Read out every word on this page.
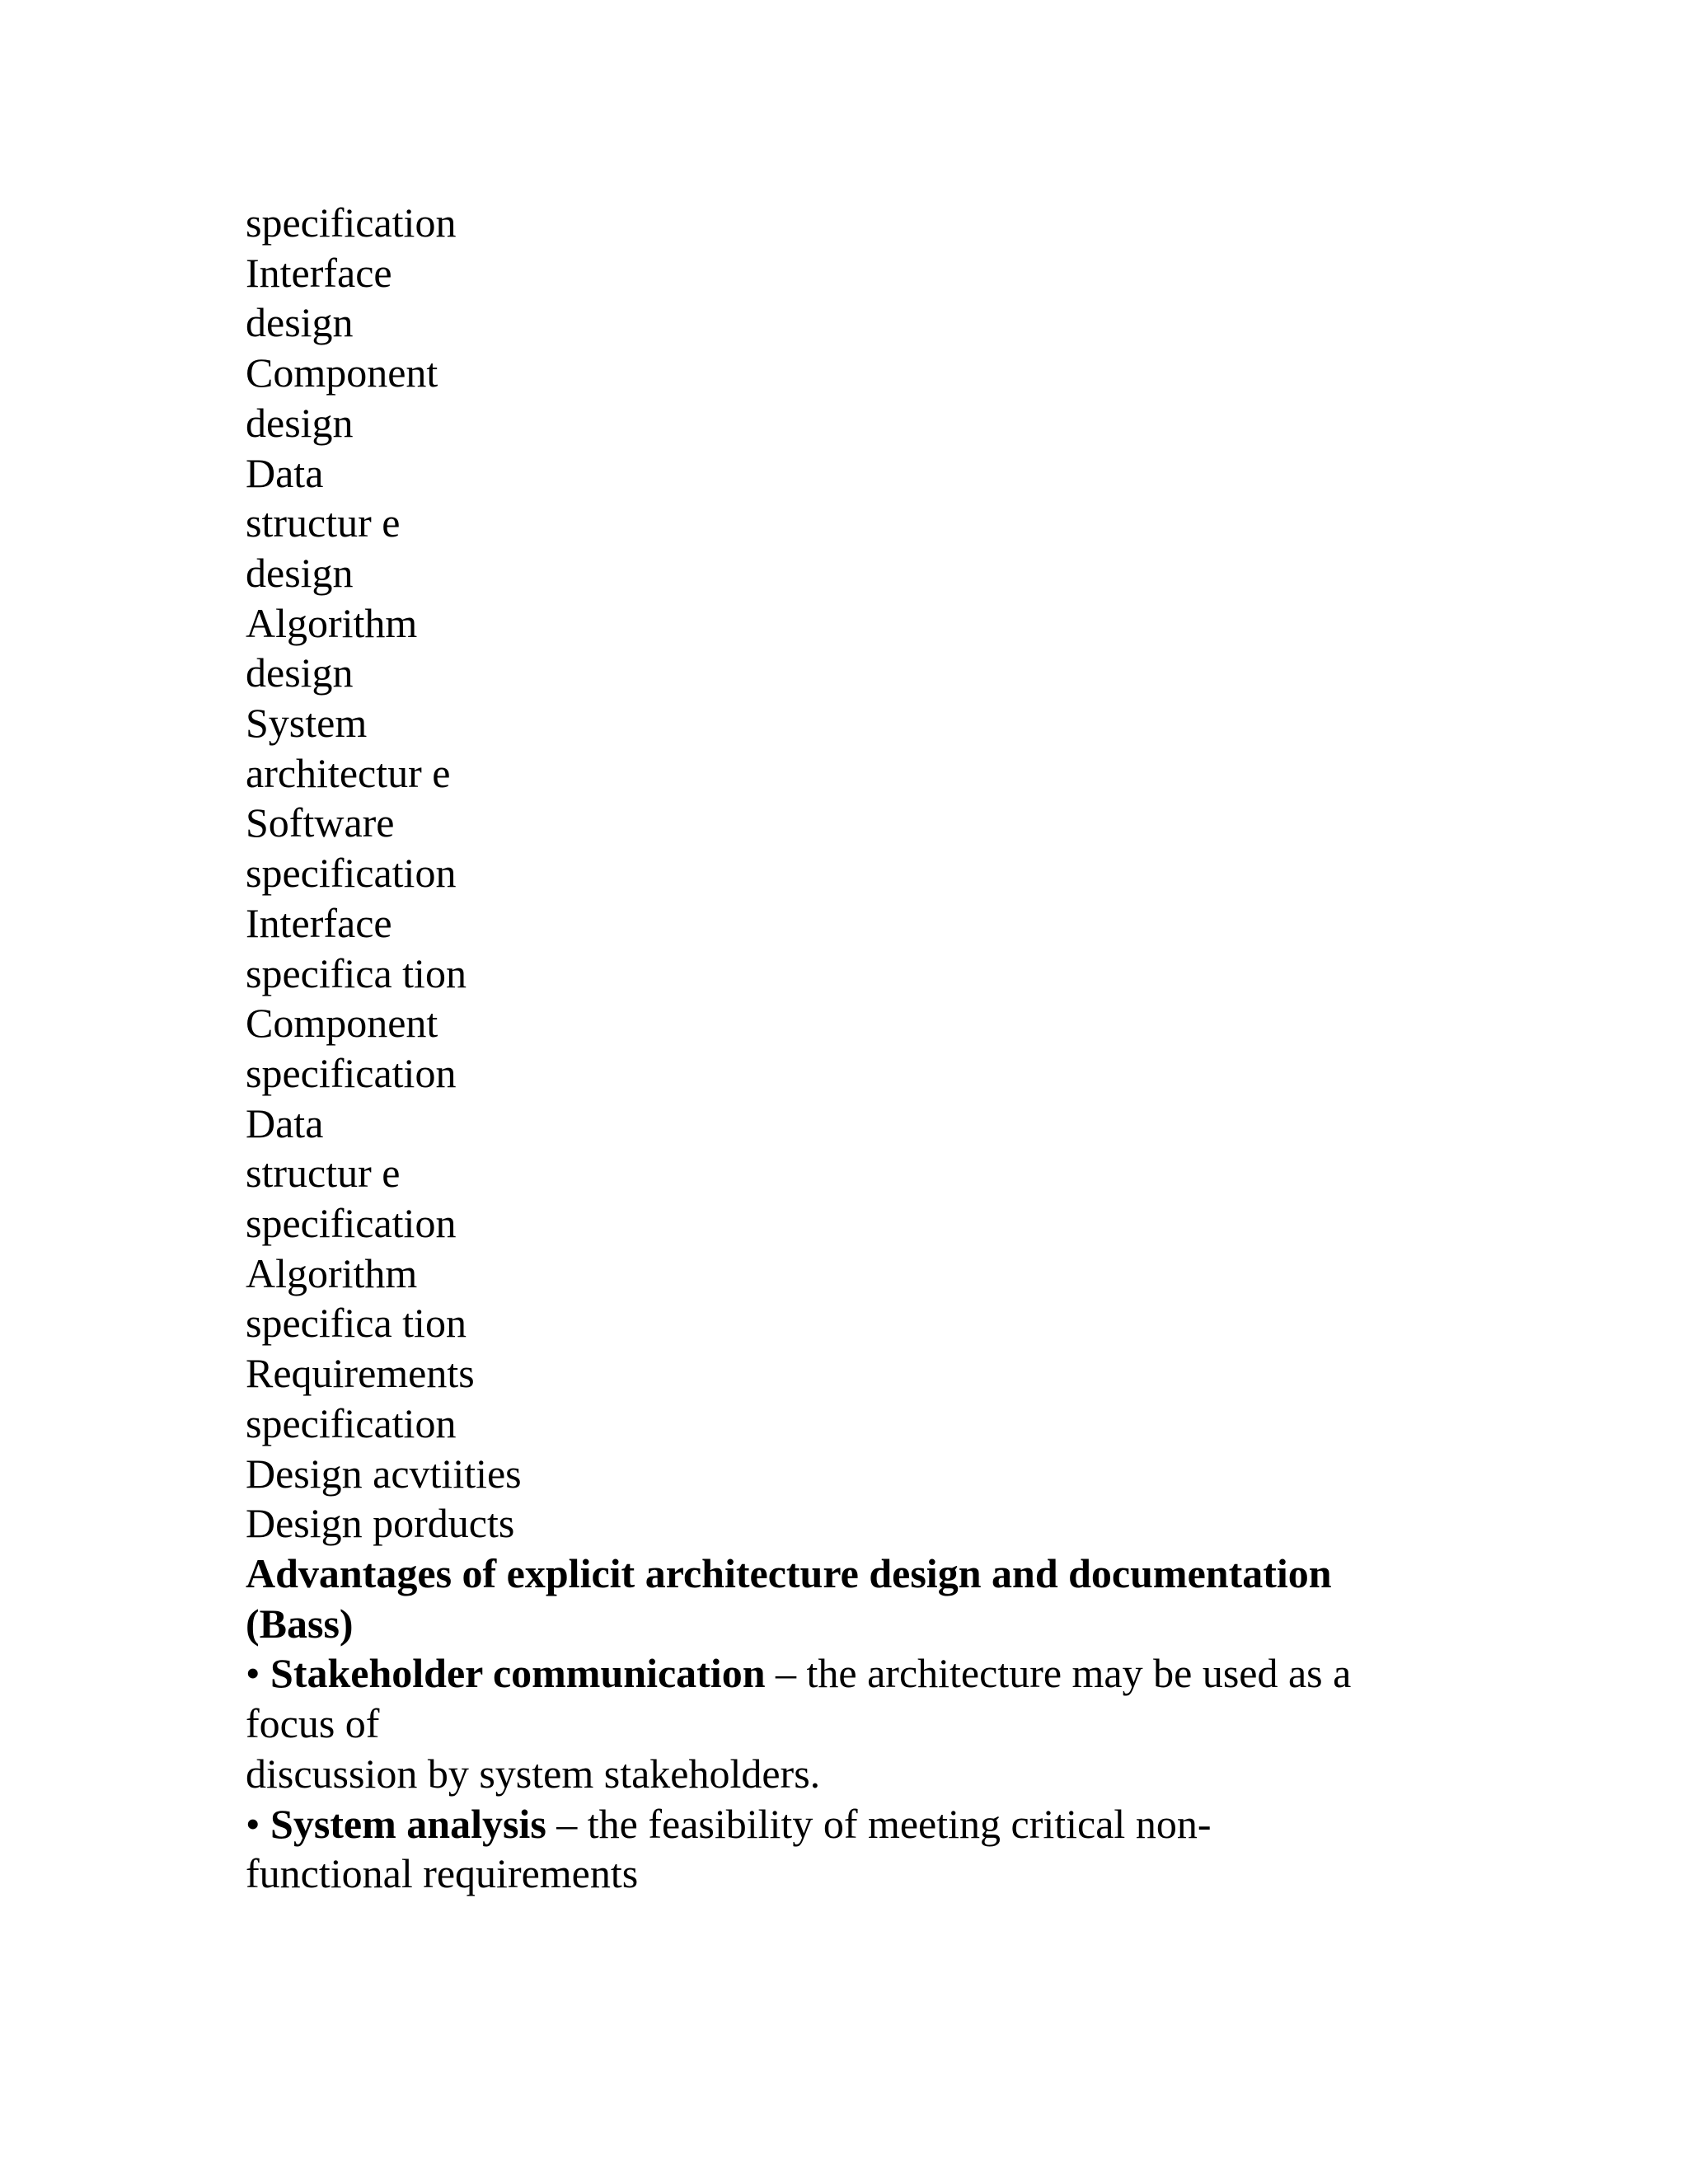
specification
Interface
design
Component
design
Data
structur e
design
Algorithm
design
System
architectur e
Software
specification
Interface
specifica tion
Component
specification
Data
structur e
specification
Algorithm
specifica tion
Requirements
specification
Design acvtiities
Design porducts
Advantages of explicit architecture design and documentation
(Bass)
• Stakeholder communication – the architecture may be used as a
focus of
discussion by system stakeholders.
• System analysis – the feasibility of meeting critical non-
functional requirements
